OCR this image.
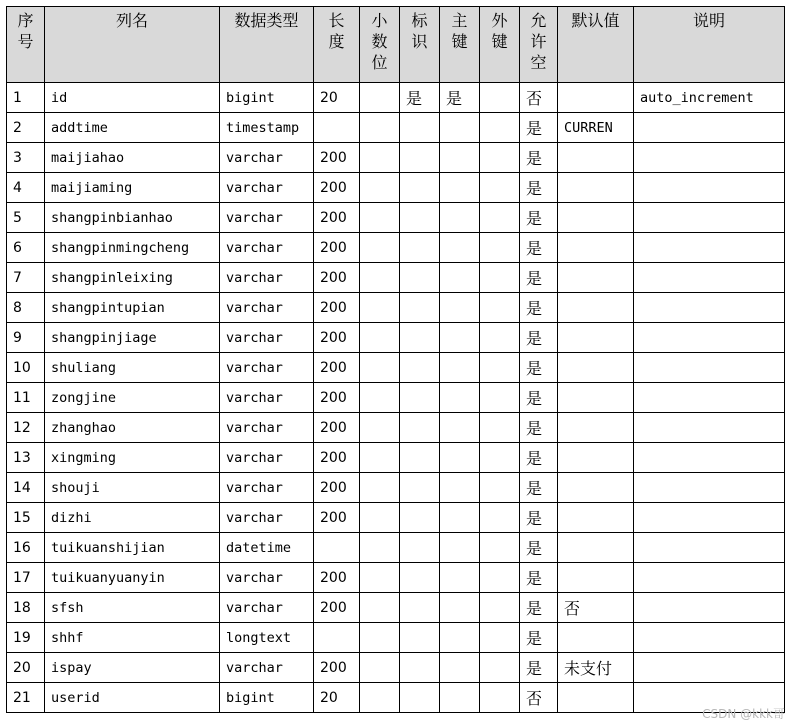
序号	列名	数据类型	长度	小数位	标识	主键	外键	允许空	默认值	说明
1	id	bigint	20		是	是		否		auto_increment
2	addtime	timestamp						是	CURREN	
3	maijiahao	varchar	200					是		
4	maijiaming	varchar	200					是		
5	shangpinbianhao	varchar	200					是		
6	shangpinmingcheng	varchar	200					是		
7	shangpinleixing	varchar	200					是		
8	shangpintupian	varchar	200					是		
9	shangpinjiage	varchar	200					是		
10	shuliang	varchar	200					是		
11	zongjine	varchar	200					是		
12	zhanghao	varchar	200					是		
13	xingming	varchar	200					是		
14	shouji	varchar	200					是		
15	dizhi	varchar	200					是		
16	tuikuanshijian	datetime						是		
17	tuikuanyuanyin	varchar	200					是		
18	sfsh	varchar	200					是	否	
19	shhf	longtext						是		
20	ispay	varchar	200					是	未支付	
21	userid	bigint	20					否		
CSDN @kkk哥
